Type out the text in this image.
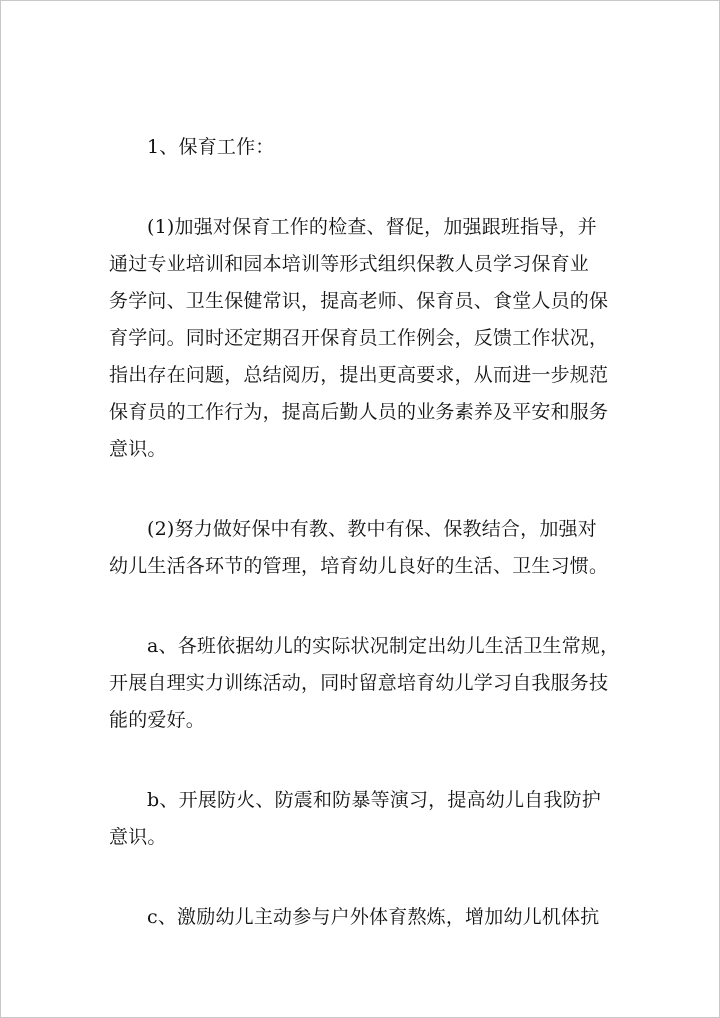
1、保育工作：

(1)加强对保育工作的检查、督促，加强跟班指导，并
通过专业培训和园本培训等形式组织保教人员学习保育业
务学问、卫生保健常识，提高老师、保育员、食堂人员的保
育学问。同时还定期召开保育员工作例会，反馈工作状况，
指出存在问题，总结阅历，提出更高要求，从而进一步规范
保育员的工作行为，提高后勤人员的业务素养及平安和服务
意识。

(2)努力做好保中有教、教中有保、保教结合，加强对
幼儿生活各环节的管理，培育幼儿良好的生活、卫生习惯。

a、各班依据幼儿的实际状况制定出幼儿生活卫生常规，
开展自理实力训练活动，同时留意培育幼儿学习自我服务技
能的爱好。

b、开展防火、防震和防暴等演习，提高幼儿自我防护
意识。

c、激励幼儿主动参与户外体育熬炼，增加幼儿机体抗
